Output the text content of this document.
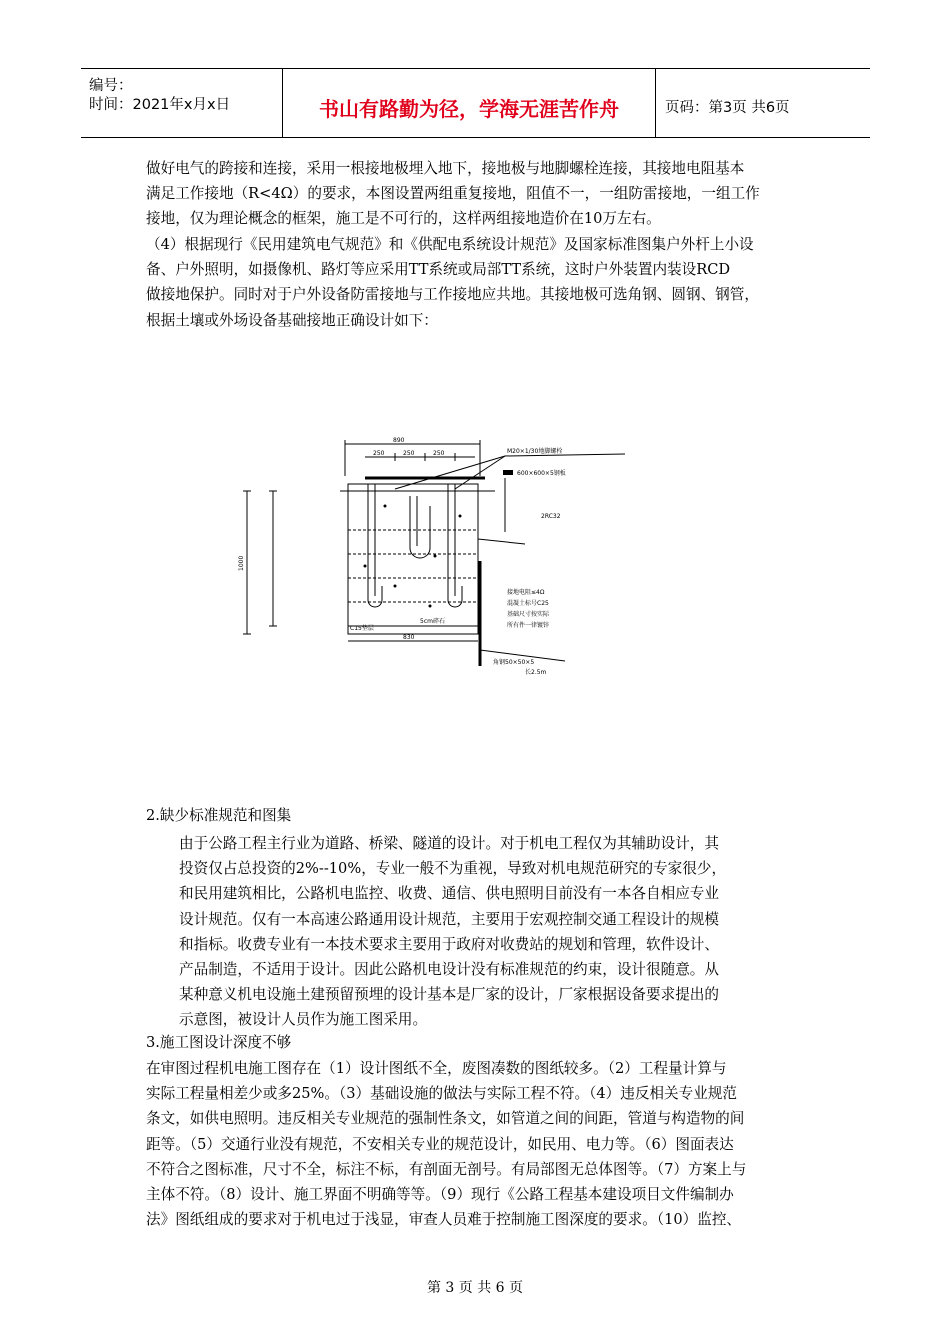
编号：
时间：2021年x月x日	书山有路勤为径，学海无涯苦作舟	页码：第3页 共6页
做好电气的跨接和连接，采用一根接地极埋入地下，接地极与地脚螺栓连接，其接地电阻基本
满足工作接地（R<4Ω）的要求，本图设置两组重复接地，阻值不一，一组防雷接地，一组工作
接地，仅为理论概念的框架，施工是不可行的，这样两组接地造价在10万左右。
（4）根据现行《民用建筑电气规范》和《供配电系统设计规范》及国家标准图集户外杆上小设
备、户外照明，如摄像机、路灯等应采用TT系统或局部TT系统，这时户外装置内装设RCD
做接地保护。同时对于户外设备防雷接地与工作接地应共地。其接地极可选角钢、圆钢、钢管，
根据土壤或外场设备基础接地正确设计如下：
890
250	250	250	M20×1/30地脚螺栓
600×600×5钢板
2RC32
接地电阻≤4Ω
混凝土标号C25
基础尺寸按实际
所有件一律镀锌
830
5cm碎石
C15垫层
角钢50×50×5
长2.5m
1000
2.缺少标准规范和图集
由于公路工程主行业为道路、桥梁、隧道的设计。对于机电工程仅为其辅助设计，其
投资仅占总投资的2%--10%，专业一般不为重视，导致对机电规范研究的专家很少，
和民用建筑相比，公路机电监控、收费、通信、供电照明目前没有一本各自相应专业
设计规范。仅有一本高速公路通用设计规范，主要用于宏观控制交通工程设计的规模
和指标。收费专业有一本技术要求主要用于政府对收费站的规划和管理，软件设计、
产品制造，不适用于设计。因此公路机电设计没有标准规范的约束，设计很随意。从
某种意义机电设施土建预留预埋的设计基本是厂家的设计，厂家根据设备要求提出的
示意图，被设计人员作为施工图采用。
3.施工图设计深度不够
在审图过程机电施工图存在（1）设计图纸不全，废图凑数的图纸较多。（2）工程量计算与
实际工程量相差少或多25%。（3）基础设施的做法与实际工程不符。（4）违反相关专业规范
条文，如供电照明。违反相关专业规范的强制性条文，如管道之间的间距，管道与构造物的间
距等。（5）交通行业没有规范，不安相关专业的规范设计，如民用、电力等。（6）图面表达
不符合之图标准，尺寸不全，标注不标，有剖面无剖号。有局部图无总体图等。（7）方案上与
主体不符。（8）设计、施工界面不明确等等。（9）现行《公路工程基本建设项目文件编制办
法》图纸组成的要求对于机电过于浅显，审查人员难于控制施工图深度的要求。（10）监控、
第 3 页 共 6 页
